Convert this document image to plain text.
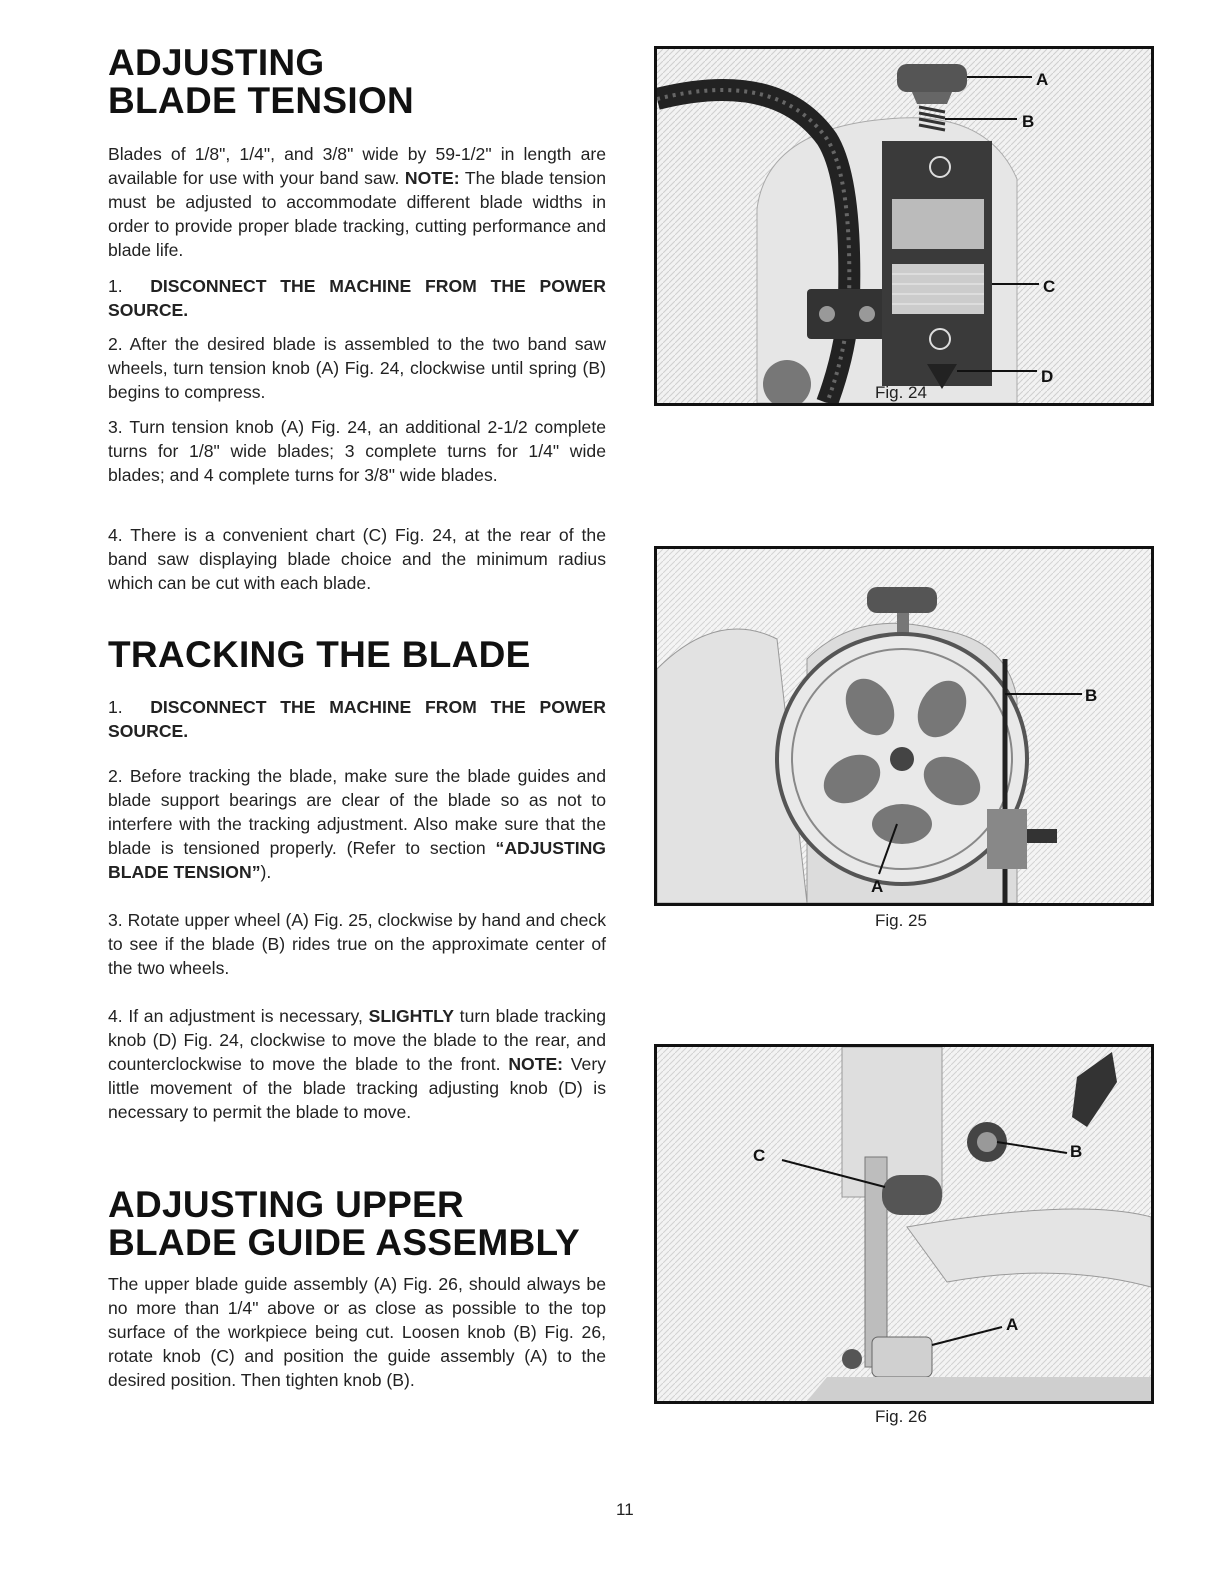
ADJUSTING
BLADE TENSION

Blades of 1/8", 1/4", and 3/8" wide by 59-1/2" in length are available for use with your band saw. NOTE: The blade tension must be adjusted to accommodate different blade widths in order to provide proper blade tracking, cutting performance and blade life.

1. DISCONNECT THE MACHINE FROM THE POWER SOURCE.

2. After the desired blade is assembled to the two band saw wheels, turn tension knob (A) Fig. 24, clockwise until spring (B) begins to compress.

3. Turn tension knob (A) Fig. 24, an additional 2-1/2 complete turns for 1/8" wide blades; 3 complete turns for 1/4" wide blades; and 4 complete turns for 3/8" wide blades.

4. There is a convenient chart (C) Fig. 24, at the rear of the band saw displaying blade choice and the minimum radius which can be cut with each blade.

TRACKING THE BLADE

1. DISCONNECT THE MACHINE FROM THE POWER SOURCE.

2. Before tracking the blade, make sure the blade guides and blade support bearings are clear of the blade so as not to interfere with the tracking adjustment. Also make sure that the blade is tensioned properly. (Refer to section “ADJUSTING BLADE TENSION”).

3. Rotate upper wheel (A) Fig. 25, clockwise by hand and check to see if the blade (B) rides true on the approximate center of the two wheels.

4. If an adjustment is necessary, SLIGHTLY turn blade tracking knob (D) Fig. 24, clockwise to move the blade to the rear, and counterclockwise to move the blade to the front. NOTE: Very little movement of the blade tracking adjusting knob (D) is necessary to permit the blade to move.

ADJUSTING UPPER
BLADE GUIDE ASSEMBLY

The upper blade guide assembly (A) Fig. 26, should always be no more than 1/4" above or as close as possible to the top surface of the workpiece being cut. Loosen knob (B) Fig. 26, rotate knob (C) and position the guide assembly (A) to the desired position. Then tighten knob (B).

A
B
C
D
Fig. 24
B
A
Fig. 25
C	B
A
Fig. 26
11
